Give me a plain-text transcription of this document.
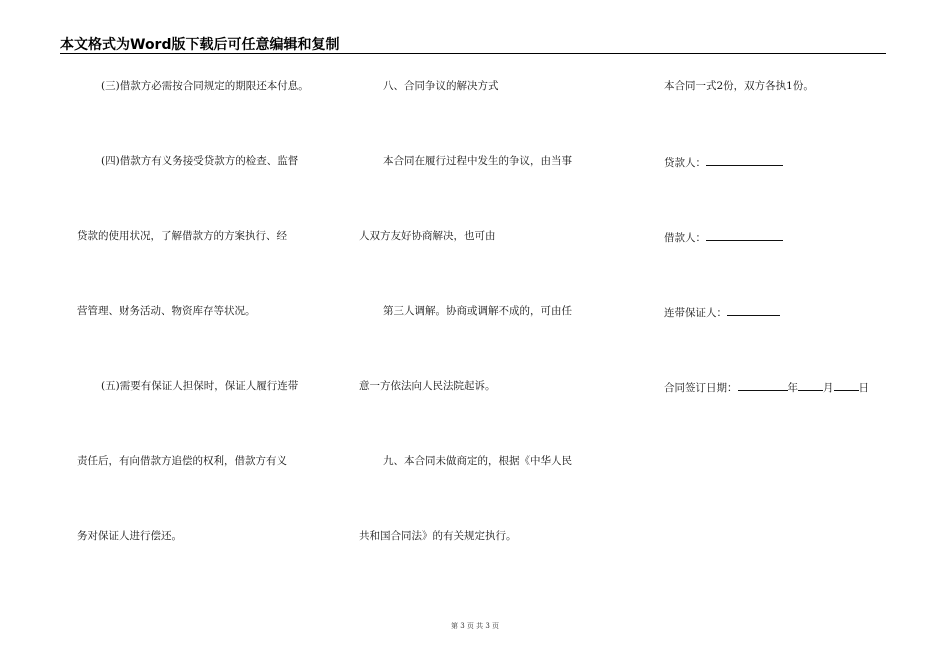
本文格式为Word版下载后可任意编辑和复制
(三)借款方必需按合同规定的期限还本付息。
(四)借款方有义务接受贷款方的检查、监督
贷款的使用状况，了解借款方的方案执行、经
营管理、财务活动、物资库存等状况。
(五)需要有保证人担保时，保证人履行连带
责任后，有向借款方追偿的权利，借款方有义
务对保证人进行偿还。
八、合同争议的解决方式
本合同在履行过程中发生的争议，由当事
人双方友好协商解决，也可由
第三人调解。协商或调解不成的，可由任
意一方依法向人民法院起诉。
九、本合同未做商定的，根据《中华人民
共和国合同法》的有关规定执行。
本合同一式2份，双方各执1份。
贷款人：
借款人：
连带保证人：
合同签订日期：	年 月 日
第 3 页 共 3 页
